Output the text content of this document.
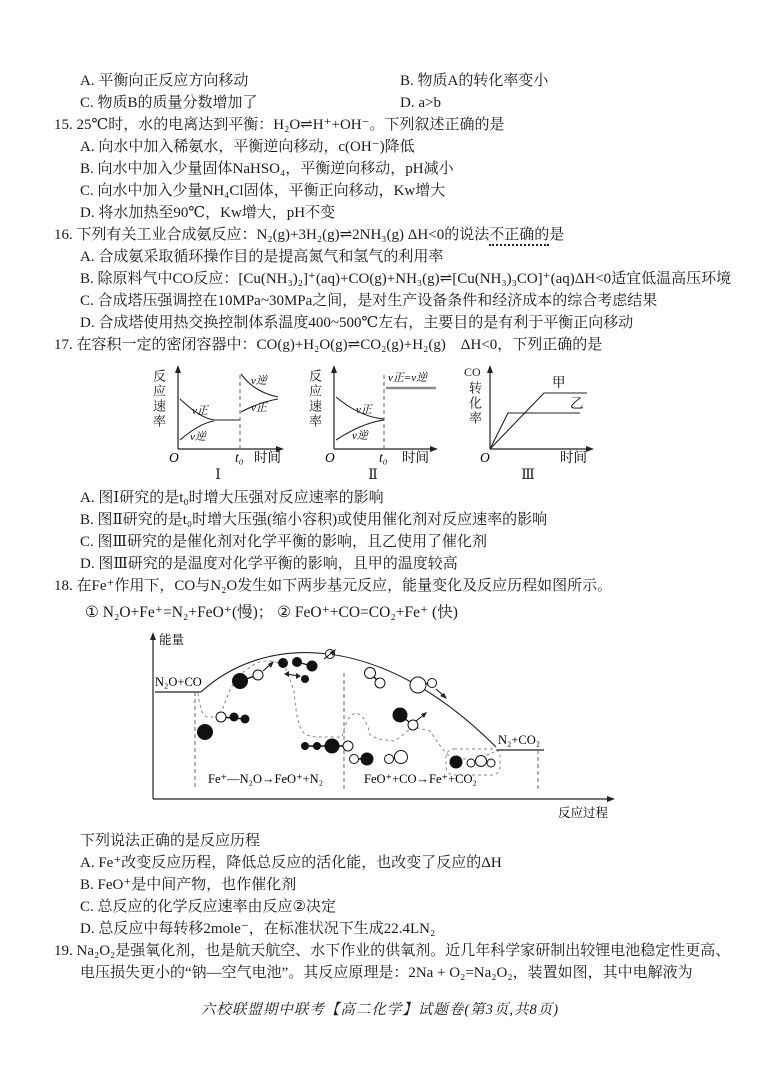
A. 平衡向正反应方向移动	B. 物质A的转化率变小
C. 物质B的质量分数增加了	D. a>b
15. 25℃时，水的电离达到平衡：H₂O⇌H⁺+OH⁻。下列叙述正确的是
A. 向水中加入稀氨水，平衡逆向移动，c(OH⁻)降低
B. 向水中加入少量固体NaHSO₄，平衡逆向移动，pH减小
C. 向水中加入少量NH₄Cl固体，平衡正向移动，Kw增大
D. 将水加热至90℃，Kw增大，pH不变
16. 下列有关工业合成氨反应：N₂(g)+3H₂(g)⇌2NH₃(g) ΔH<0的说法不正确的是
A. 合成氨采取循环操作目的是提高氮气和氢气的利用率
B. 除原料气中CO反应：[Cu(NH₃)₂]⁺(aq)+CO(g)+NH₃(g)⇌[Cu(NH₃)₃CO]⁺(aq)ΔH<0适宜低温高压环境
C. 合成塔压强调控在10MPa~30MPa之间，是对生产设备条件和经济成本的综合考虑结果
D. 合成塔使用热交换控制体系温度400~500℃左右，主要目的是有利于平衡正向移动
17. 在容积一定的密闭容器中：CO(g)+H₂O(g)⇌CO₂(g)+H₂(g)　ΔH<0，下列正确的是
反应速率 v正
v逆
v逆
v正
O	t₀ 时间
Ⅰ
反应速率	v正=v逆
v正
v逆
O	t₀ 时间
Ⅱ
CO
转化率	甲
乙
O	时间
Ⅲ
A. 图Ⅰ研究的是t₀时增大压强对反应速率的影响
B. 图Ⅱ研究的是t₀时增大压强(缩小容积)或使用催化剂对反应速率的影响
C. 图Ⅲ研究的是催化剂对化学平衡的影响，且乙使用了催化剂
D. 图Ⅲ研究的是温度对化学平衡的影响，且甲的温度较高
18. 在Fe⁺作用下，CO与N₂O发生如下两步基元反应，能量变化及反应历程如图所示。
① N₂O+Fe⁺=N₂+FeO⁺(慢)； ② FeO⁺+CO=CO₂+Fe⁺ (快)
能量
反应过程
N₂O+CO
N₂+CO₂
Fe⁺—N₂O→FeO⁺+N₂	FeO⁺+CO→Fe⁺+CO₂
下列说法正确的是反应历程
A. Fe⁺改变反应历程，降低总反应的活化能，也改变了反应的ΔH
B. FeO⁺是中间产物，也作催化剂
C. 总反应的化学反应速率由反应②决定
D. 总反应中每转移2mole⁻，在标准状况下生成22.4LN₂
19. Na₂O₂是强氧化剂，也是航天航空、水下作业的供氧剂。近几年科学家研制出较锂电池稳定性更高、
电压损失更小的“钠—空气电池”。其反应原理是：2Na + O₂=Na₂O₂，装置如图，其中电解液为
六校联盟期中联考【高二化学】试题卷(第3页,共8页)
